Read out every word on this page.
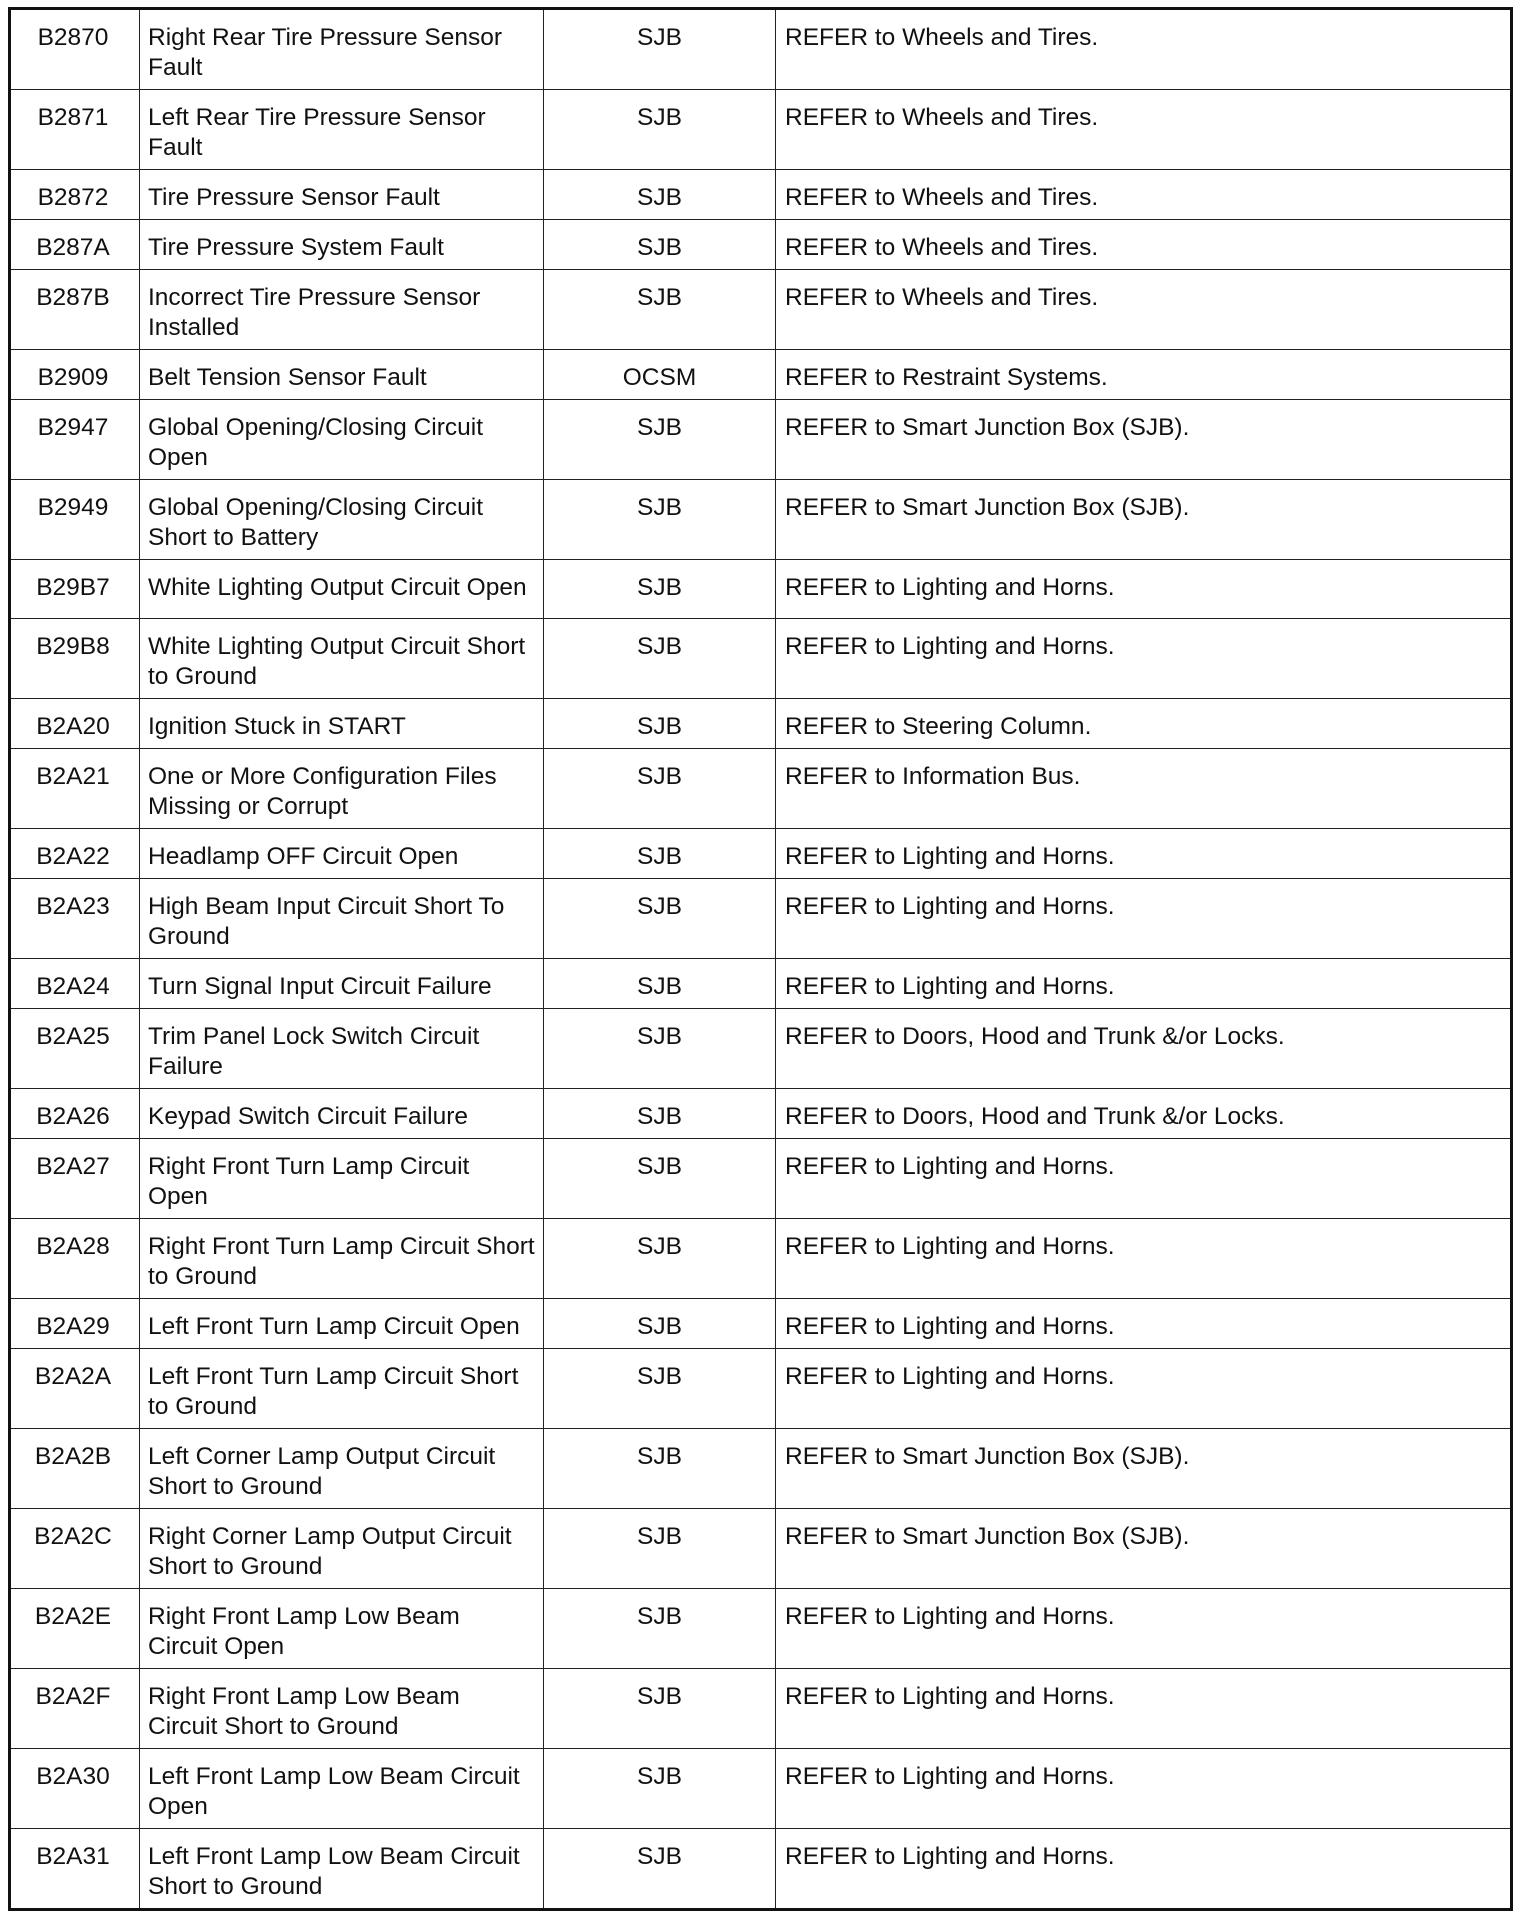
B2870	Right Rear Tire Pressure Sensor Fault	SJB	REFER to Wheels and Tires.
B2871	Left Rear Tire Pressure Sensor Fault	SJB	REFER to Wheels and Tires.
B2872	Tire Pressure Sensor Fault	SJB	REFER to Wheels and Tires.
B287A	Tire Pressure System Fault	SJB	REFER to Wheels and Tires.
B287B	Incorrect Tire Pressure Sensor Installed	SJB	REFER to Wheels and Tires.
B2909	Belt Tension Sensor Fault	OCSM	REFER to Restraint Systems.
B2947	Global Opening/Closing Circuit Open	SJB	REFER to Smart Junction Box (SJB).
B2949	Global Opening/Closing Circuit Short to Battery	SJB	REFER to Smart Junction Box (SJB).
B29B7	White Lighting Output Circuit Open	SJB	REFER to Lighting and Horns.
B29B8	White Lighting Output Circuit Short to Ground	SJB	REFER to Lighting and Horns.
B2A20	Ignition Stuck in START	SJB	REFER to Steering Column.
B2A21	One or More Configuration Files Missing or Corrupt	SJB	REFER to Information Bus.
B2A22	Headlamp OFF Circuit Open	SJB	REFER to Lighting and Horns.
B2A23	High Beam Input Circuit Short To Ground	SJB	REFER to Lighting and Horns.
B2A24	Turn Signal Input Circuit Failure	SJB	REFER to Lighting and Horns.
B2A25	Trim Panel Lock Switch Circuit Failure	SJB	REFER to Doors, Hood and Trunk &/or Locks.
B2A26	Keypad Switch Circuit Failure	SJB	REFER to Doors, Hood and Trunk &/or Locks.
B2A27	Right Front Turn Lamp Circuit Open	SJB	REFER to Lighting and Horns.
B2A28	Right Front Turn Lamp Circuit Short to Ground	SJB	REFER to Lighting and Horns.
B2A29	Left Front Turn Lamp Circuit Open	SJB	REFER to Lighting and Horns.
B2A2A	Left Front Turn Lamp Circuit Short to Ground	SJB	REFER to Lighting and Horns.
B2A2B	Left Corner Lamp Output Circuit Short to Ground	SJB	REFER to Smart Junction Box (SJB).
B2A2C	Right Corner Lamp Output Circuit Short to Ground	SJB	REFER to Smart Junction Box (SJB).
B2A2E	Right Front Lamp Low Beam Circuit Open	SJB	REFER to Lighting and Horns.
B2A2F	Right Front Lamp Low Beam Circuit Short to Ground	SJB	REFER to Lighting and Horns.
B2A30	Left Front Lamp Low Beam Circuit Open	SJB	REFER to Lighting and Horns.
B2A31	Left Front Lamp Low Beam Circuit Short to Ground	SJB	REFER to Lighting and Horns.
